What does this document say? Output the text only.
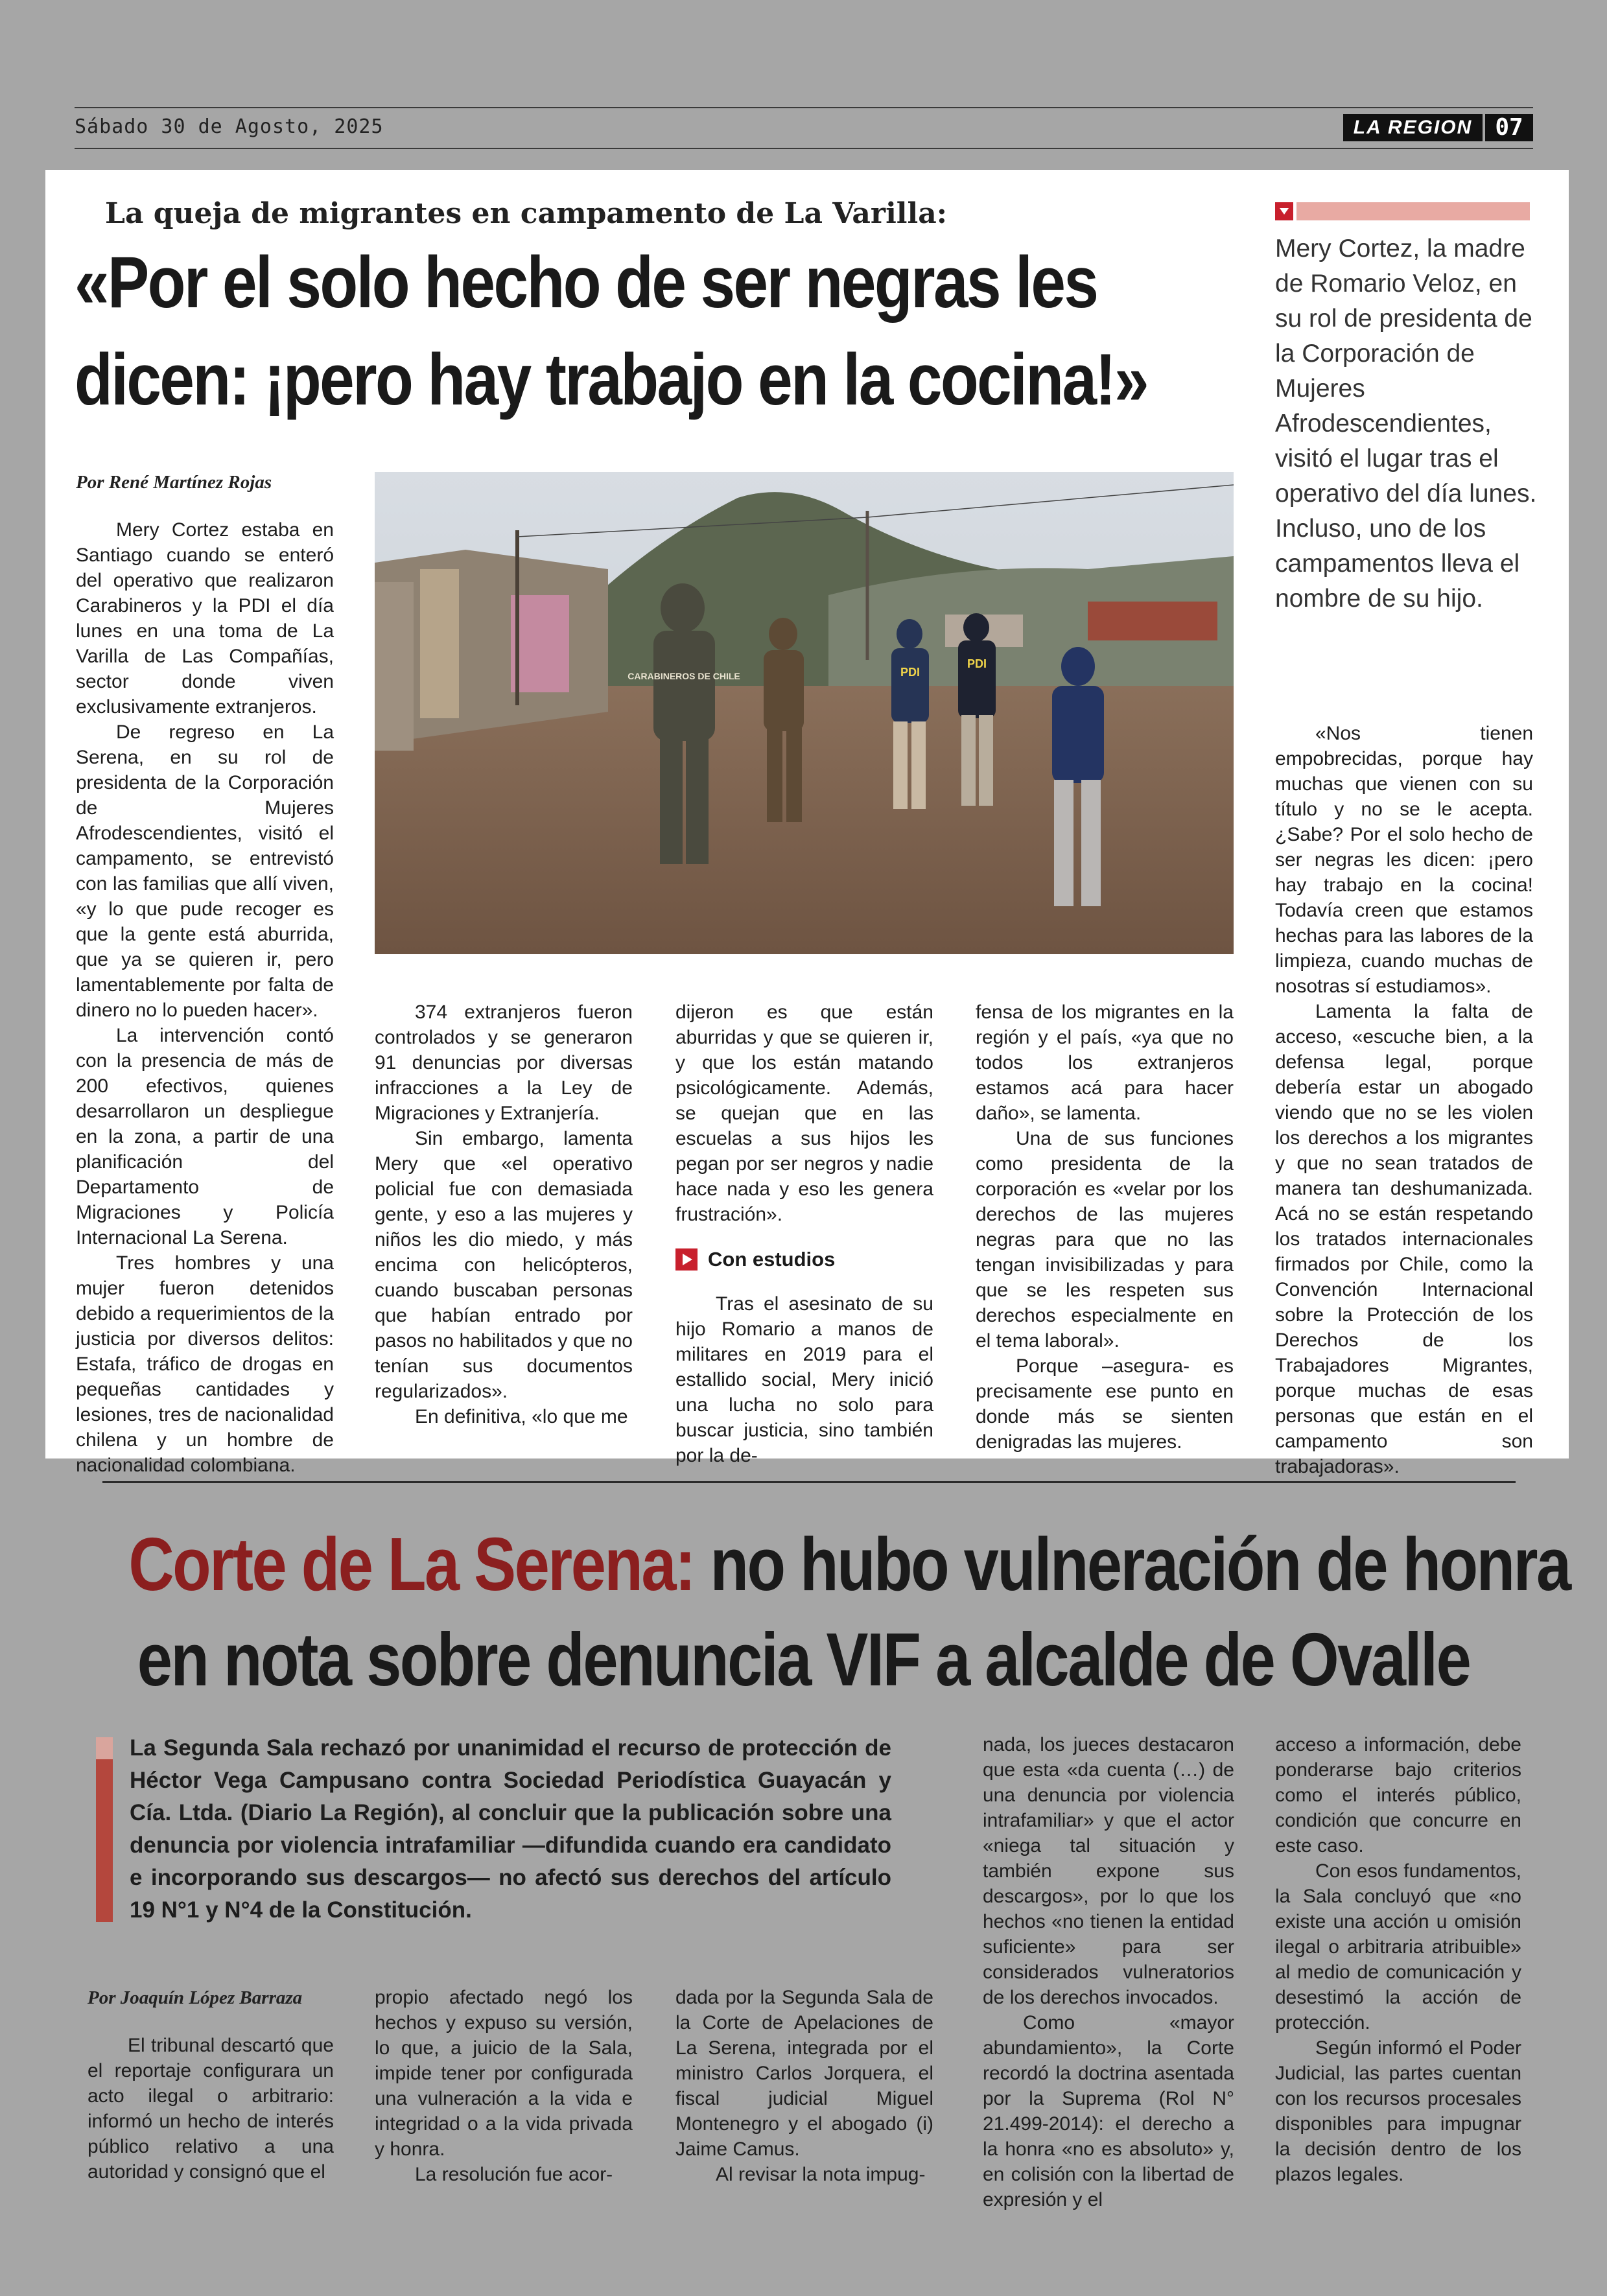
Sábado 30 de Agosto, 2025	LA REGION 07
La queja de migrantes en campamento de La Varilla:
«Por el solo hecho de ser negras les
dicen: ¡pero hay trabajo en la cocina!»
Mery Cortez, la madre de Romario Veloz, en su rol de presidenta de la Corporación de Mujeres Afrodescendientes, visitó el lugar tras el operativo del día lunes. Incluso, uno de los campamentos lleva el nombre de su hijo.
Por René Martínez Rojas
CARABINEROS DE CHILE	PDI
PDI

Mery Cortez estaba en Santiago cuando se enteró del operativo que realizaron Carabineros y la PDI el día lunes en una toma de La Varilla de Las Compañías, sector donde viven exclusivamente extranjeros.

De regreso en La Serena, en su rol de presidenta de la Corporación de Mujeres Afrodescendientes, visitó el campamento, se entrevistó con las familias que allí viven, «y lo que pude recoger es que la gente está aburrida, que ya se quieren ir, pero lamentablemente por falta de dinero no lo pueden hacer».

La intervención contó con la presencia de más de 200 efectivos, quienes desarrollaron un despliegue en la zona, a partir de una planificación del Departamento de Migraciones y Policía Internacional La Serena.

Tres hombres y una mujer fueron detenidos debido a requerimientos de la justicia por diversos delitos: Estafa, tráfico de drogas en pequeñas cantidades y lesiones, tres de nacionalidad chilena y un hombre de nacionalidad colombiana.

374 extranjeros fueron controlados y se generaron 91 denuncias por diversas infracciones a la Ley de Migraciones y Extranjería.

Sin embargo, lamenta Mery que «el operativo policial fue con demasiada gente, y eso a las mujeres y niños les dio miedo, y más encima con helicópteros, cuando buscaban personas que habían entrado por pasos no habilitados y que no tenían sus documentos regularizados».

En definitiva, «lo que me

dijeron es que están aburridas y que se quieren ir, y que los están matando psicológicamente. Además, se quejan que en las escuelas a sus hijos les pegan por ser negros y nadie hace nada y eso les genera frustración».

Con estudios

Tras el asesinato de su hijo Romario a manos de militares en 2019 para el estallido social, Mery inició una lucha no solo para buscar justicia, sino también por la de-

fensa de los migrantes en la región y el país, «ya que no todos los extranjeros estamos acá para hacer daño», se lamenta.

Una de sus funciones como presidenta de la corporación es «velar por los derechos de las mujeres negras para que no las tengan invisibilizadas y para que se les respeten sus derechos especialmente en el tema laboral».

Porque –asegura- es precisamente ese punto en donde más se sienten denigradas las mujeres.

«Nos tienen empobrecidas, porque hay muchas que vienen con su título y no se le acepta. ¿Sabe? Por el solo hecho de ser negras les dicen: ¡pero hay trabajo en la cocina! Todavía creen que estamos hechas para las labores de la limpieza, cuando muchas de nosotras sí estudiamos».

Lamenta la falta de acceso, «escuche bien, a la defensa legal, porque debería estar un abogado viendo que no se les violen los derechos a los migrantes y que no sean tratados de manera tan deshumanizada. Acá no se están respetando los tratados internacionales firmados por Chile, como la Convención Internacional sobre la Protección de los Derechos de los Trabajadores Migrantes, porque muchas de esas personas que están en el campamento son trabajadoras».

Corte de La Serena: no hubo vulneración de honra
en nota sobre denuncia VIF a alcalde de Ovalle
La Segunda Sala rechazó por unanimidad el recurso de protección de Héctor Vega Campusano contra Sociedad Periodística Guayacán y Cía. Ltda. (Diario La Región), al concluir que la publicación sobre una denuncia por violencia intrafamiliar —difundida cuando era candidato e incorporando sus descargos— no afectó sus derechos del artículo 19 N°1 y N°4 de la Constitución.
Por Joaquín López Barraza

El tribunal descartó que el reportaje configurara un acto ilegal o arbitrario: informó un hecho de interés público relativo a una autoridad y consignó que el

propio afectado negó los hechos y expuso su versión, lo que, a juicio de la Sala, impide tener por configurada una vulneración a la vida e integridad o a la vida privada y honra.

La resolución fue acor-

dada por la Segunda Sala de la Corte de Apelaciones de La Serena, integrada por el ministro Carlos Jorquera, el fiscal judicial Miguel Montenegro y el abogado (i) Jaime Camus.

Al revisar la nota impug-

nada, los jueces destacaron que esta «da cuenta (…) de una denuncia por violencia intrafamiliar» y que el actor «niega tal situación y también expone sus descargos», por lo que los hechos «no tienen la entidad suficiente» para ser considerados vulneratorios de los derechos invocados.

Como «mayor abundamiento», la Corte recordó la doctrina asentada por la Suprema (Rol N° 21.499-2014): el derecho a la honra «no es absoluto» y, en colisión con la libertad de expresión y el

acceso a información, debe ponderarse bajo criterios como el interés público, condición que concurre en este caso.

Con esos fundamentos, la Sala concluyó que «no existe una acción u omisión ilegal o arbitraria atribuible» al medio de comunicación y desestimó la acción de protección.

Según informó el Poder Judicial, las partes cuentan con los recursos procesales disponibles para impugnar la decisión dentro de los plazos legales.
